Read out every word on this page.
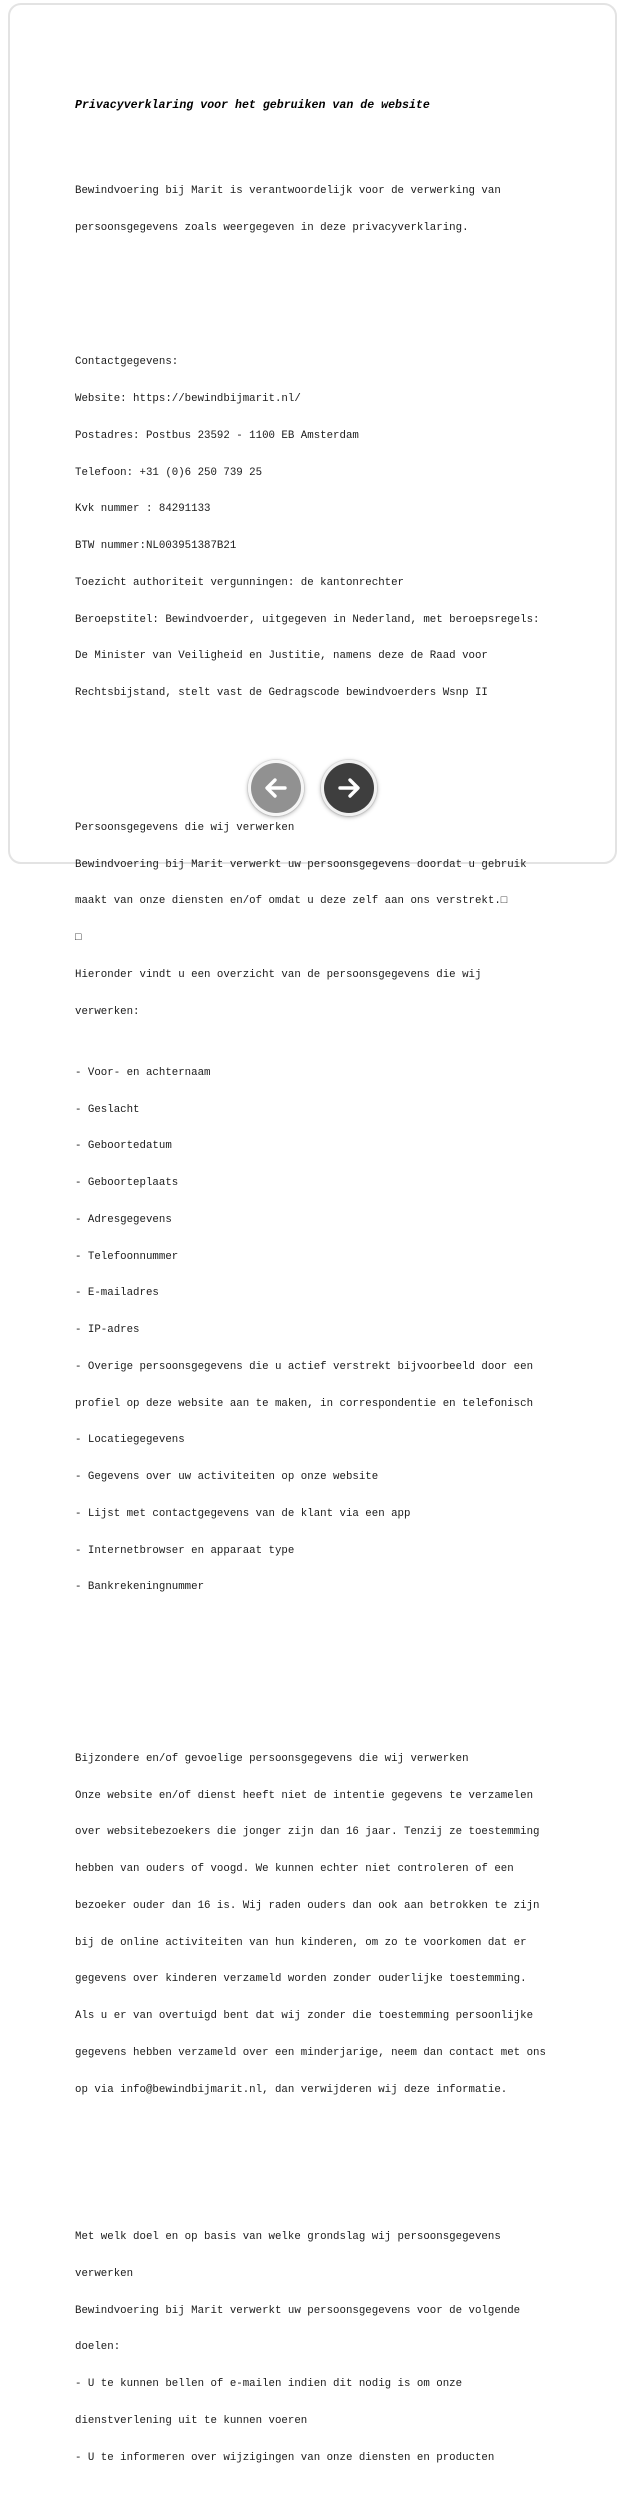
Privacyverklaring voor het gebruiken van de website

Bewindvoering bij Marit is verantwoordelijk voor de verwerking van

persoonsgegevens zoals weergegeven in deze privacyverklaring.

Contactgegevens:

Website: https://bewindbijmarit.nl/

Postadres: Postbus 23592 - 1100 EB Amsterdam

Telefoon: +31 (0)6 250 739 25

Kvk nummer : 84291133

BTW nummer:NL003951387B21

Toezicht authoriteit vergunningen: de kantonrechter

Beroepstitel: Bewindvoerder, uitgegeven in Nederland, met beroepsregels:

De Minister van Veiligheid en Justitie, namens deze de Raad voor

Rechtsbijstand, stelt vast de Gedragscode bewindvoerders Wsnp II

Persoonsgegevens die wij verwerken

Bewindvoering bij Marit verwerkt uw persoonsgegevens doordat u gebruik

maakt van onze diensten en/of omdat u deze zelf aan ons verstrekt.□

□

Hieronder vindt u een overzicht van de persoonsgegevens die wij

verwerken:

- Voor- en achternaam

- Geslacht

- Geboortedatum

- Geboorteplaats

- Adresgegevens

- Telefoonnummer

- E-mailadres

- IP-adres

- Overige persoonsgegevens die u actief verstrekt bijvoorbeeld door een

profiel op deze website aan te maken, in correspondentie en telefonisch

- Locatiegegevens

- Gegevens over uw activiteiten op onze website

- Lijst met contactgegevens van de klant via een app

- Internetbrowser en apparaat type

- Bankrekeningnummer

Bijzondere en/of gevoelige persoonsgegevens die wij verwerken

Onze website en/of dienst heeft niet de intentie gegevens te verzamelen

over websitebezoekers die jonger zijn dan 16 jaar. Tenzij ze toestemming

hebben van ouders of voogd. We kunnen echter niet controleren of een

bezoeker ouder dan 16 is. Wij raden ouders dan ook aan betrokken te zijn

bij de online activiteiten van hun kinderen, om zo te voorkomen dat er

gegevens over kinderen verzameld worden zonder ouderlijke toestemming.

Als u er van overtuigd bent dat wij zonder die toestemming persoonlijke

gegevens hebben verzameld over een minderjarige, neem dan contact met ons

op via info@bewindbijmarit.nl, dan verwijderen wij deze informatie.

Met welk doel en op basis van welke grondslag wij persoonsgegevens

verwerken

Bewindvoering bij Marit verwerkt uw persoonsgegevens voor de volgende

doelen:

- U te kunnen bellen of e-mailen indien dit nodig is om onze

dienstverlening uit te kunnen voeren

- U te informeren over wijzigingen van onze diensten en producten
